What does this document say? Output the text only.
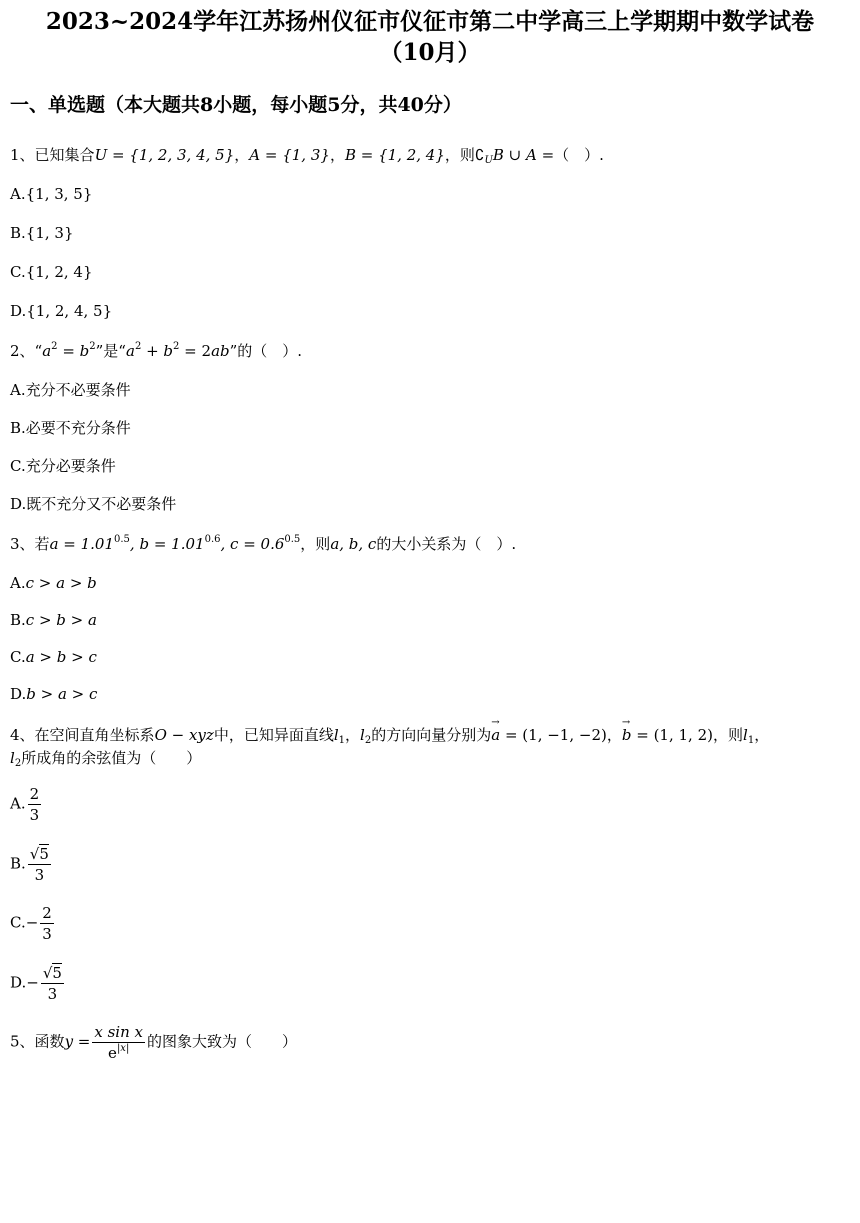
2023~2024学年江苏扬州仪征市仪征市第二中学高三上学期期中数学试卷
（10月）
一、单选题（本大题共8小题，每小题5分，共40分）
1、已知集合U = {1, 2, 3, 4, 5}，A = {1, 3}，B = {1, 2, 4}，则$∁_UB$ ∪ A =（　）.
A.{1, 3, 5}
B.{1, 3}
C.{1, 2, 4}
D.{1, 2, 4, 5}
2、“$a^2 = b^2$”是“$a^2 + b^2 = 2ab$”的（　）.
A.充分不必要条件
B.必要不充分条件
C.充分必要条件
D.既不充分又不必要条件
3、若$a = 1.01^{0.5}$, $b = 1.01^{0.6}$, $c = 0.6^{0.5}$，则a, b, c的大小关系为（　）.
A.c > a > b
B.c > b > a
C.a > b > c
D.b > a > c
4、在空间直角坐标系O − xyz中，已知异面直线$l_1$，$l_2$的方向向量分别为→ a = (1, −1, −2)，→ b = (1, 1, 2)，则$l_1$，
$l_2$所成角的余弦值为（　　）
A. $\frac{2}{3}$
B. $\frac{√5}{3}$
$C.- \frac{2}{3}$
$D.- \frac{√5}{3}$
5、函数$y = \frac{\text{x sin x}}{e^{|x|}}$ 的图象大致为（　　）
